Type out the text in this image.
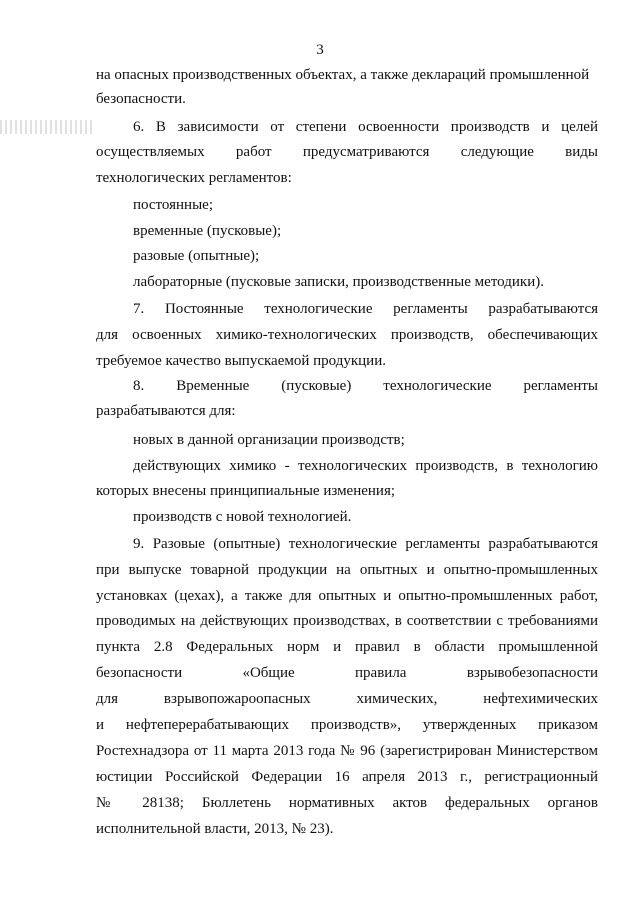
3
на опасных производственных объектах, а также деклараций промышленной
безопасности.
6. В зависимости от степени освоенности производств и целей
осуществляемых работ предусматриваются следующие виды
технологических регламентов:
постоянные;
временные (пусковые);
разовые (опытные);
лабораторные (пусковые записки, производственные методики).
7. Постоянные технологические регламенты разрабатываются
для освоенных химико-технологических производств, обеспечивающих
требуемое качество выпускаемой продукции.
8. Временные (пусковые) технологические регламенты
разрабатываются для:
новых в данной организации производств;
действующих химико - технологических производств, в технологию
которых внесены принципиальные изменения;
производств с новой технологией.
9. Разовые (опытные) технологические регламенты разрабатываются
при выпуске товарной продукции на опытных и опытно-промышленных
установках (цехах), а также для опытных и опытно-промышленных работ,
проводимых на действующих производствах, в соответствии с требованиями
пункта 2.8 Федеральных норм и правил в области промышленной
безопасности «Общие правила взрывобезопасности
для взрывопожароопасных химических, нефтехимических
и нефтеперерабатывающих производств», утвержденных приказом
Ростехнадзора от 11 марта 2013 года № 96 (зарегистрирован Министерством
юстиции Российской Федерации 16 апреля 2013 г., регистрационный
№ 28138; Бюллетень нормативных актов федеральных органов
исполнительной власти, 2013, № 23).
